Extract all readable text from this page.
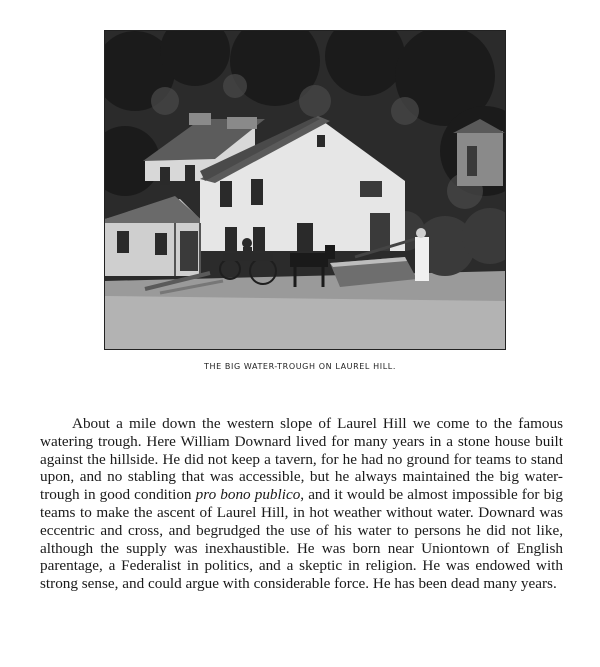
THE BIG WATER-TROUGH ON LAUREL HILL.

About a mile down the western slope of Laurel Hill we come to the famous watering trough. Here William Downard lived for many years in a stone house built against the hillside. He did not keep a tavern, for he had no ground for teams to stand upon, and no stabling that was accessible, but he always maintained the big water-trough in good condition pro bono publico, and it would be almost impossible for big teams to make the ascent of Laurel Hill, in hot weather without water. Downard was eccentric and cross, and begrudged the use of his water to persons he did not like, although the supply was inexhaustible. He was born near Uniontown of English parentage, a Federalist in politics, and a skeptic in religion. He was endowed with strong sense, and could argue with considerable force. He has been dead many years.
